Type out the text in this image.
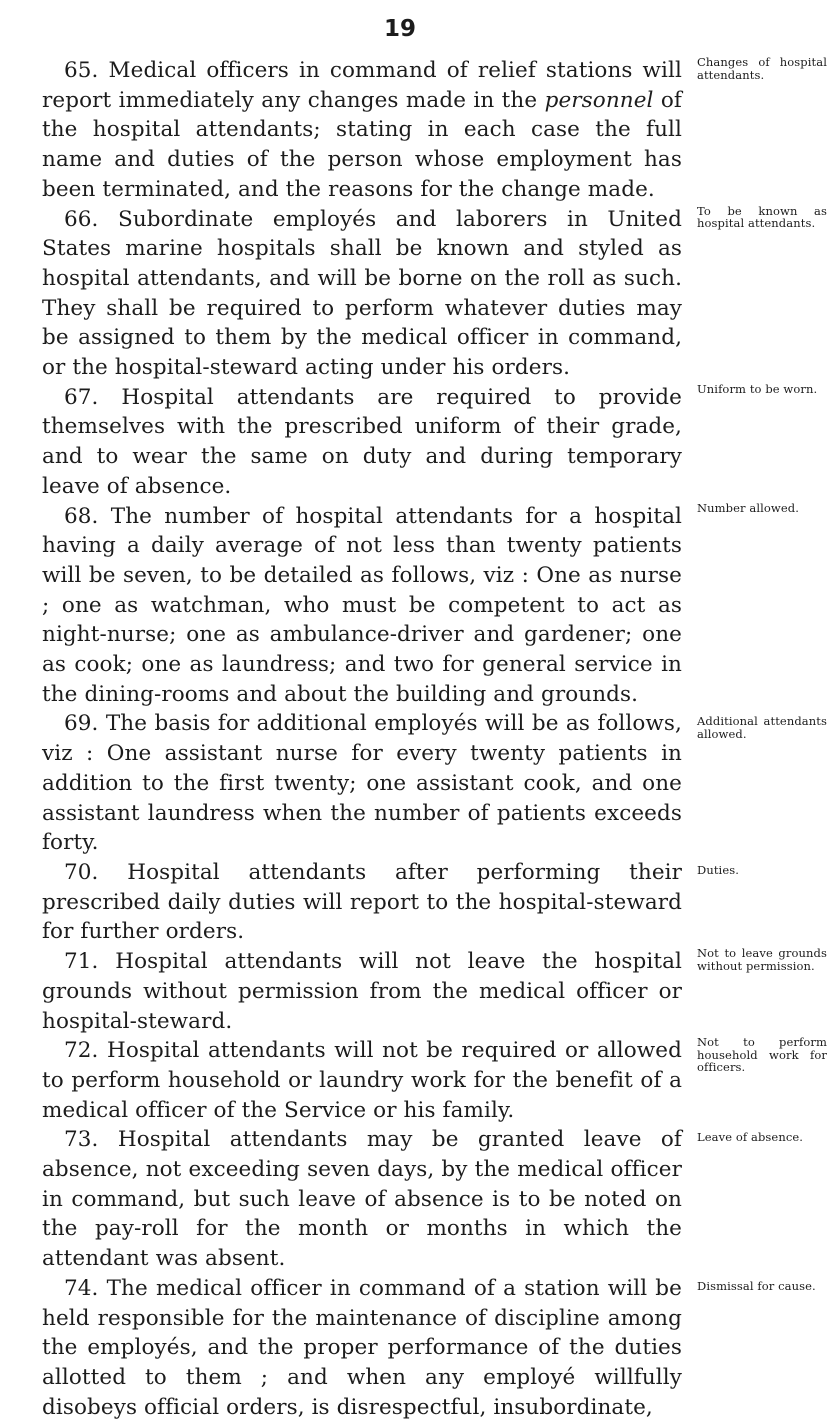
19

65. Medical officers in command of relief stations will report immediately any changes made in the personnel of the hospital attendants; stating in each case the full name and duties of the person whose employment has been terminated, and the reasons for the change made.
Changes of hospital attendants.

66. Subordinate employés and laborers in United States marine hospitals shall be known and styled as hospital attendants, and will be borne on the roll as such. They shall be required to perform whatever duties may be assigned to them by the medical officer in command, or the hospital-steward acting under his orders.
To be known as hospital attendants.

67. Hospital attendants are required to provide themselves with the prescribed uniform of their grade, and to wear the same on duty and during temporary leave of absence.
Uniform to be worn.

68. The number of hospital attendants for a hospital having a daily average of not less than twenty patients will be seven, to be detailed as follows, viz : One as nurse ; one as watchman, who must be competent to act as night-nurse; one as ambulance-driver and gardener; one as cook; one as laundress; and two for general service in the dining-rooms and about the building and grounds.
Number allowed.

69. The basis for additional employés will be as follows, viz : One assistant nurse for every twenty patients in addition to the first twenty; one assistant cook, and one assistant laundress when the number of patients exceeds forty.
Additional attendants allowed.

70. Hospital attendants after performing their prescribed daily duties will report to the hospital-steward for further orders.
Duties.

71. Hospital attendants will not leave the hospital grounds without permission from the medical officer or hospital-steward.
Not to leave grounds without permission.

72. Hospital attendants will not be required or allowed to perform household or laundry work for the benefit of a medical officer of the Service or his family.
Not to perform household work for officers.

73. Hospital attendants may be granted leave of absence, not exceeding seven days, by the medical officer in command, but such leave of absence is to be noted on the pay-roll for the month or months in which the attendant was absent.
Leave of absence.

74. The medical officer in command of a station will be held responsible for the maintenance of discipline among the employés, and the proper performance of the duties allotted to them ; and when any employé willfully disobeys official orders, is disrespectful, insubordinate,
Dismissal for cause.
